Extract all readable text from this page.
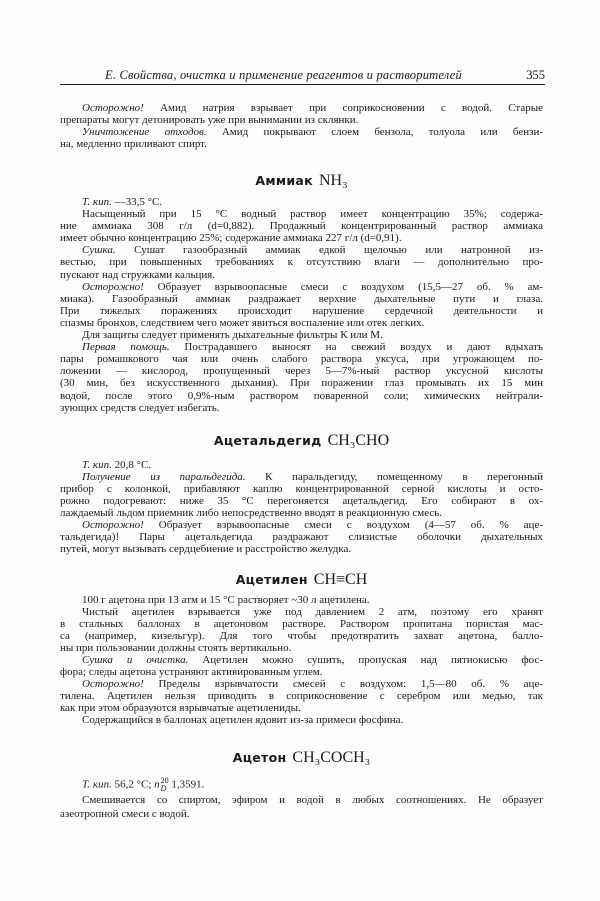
Е. Свойства, очистка и применение реагентов и растворителей	355
Осторожно! Амид натрия взрывает при соприкосновении с водой. Старые
препараты могут детонировать уже при вынимании из склянки.
Уничтожение отходов. Амид покрывают слоем бензола, толуола или бензи-
на, медленно приливают спирт.
Аммиак NH₃
Т. кип. —33,5 °C.
Насыщенный при 15 °C водный раствор имеет концентрацию 35%; содержа-
ние аммиака 308 г/л (d=0,882). Продажный концентрированный раствор аммиака
имеет обычно концентрацию 25%; содержание аммиака 227 г/л (d=0,91).
Сушка. Сушат газообразный аммиак едкой щелочью или натронной из-
вестью, при повышенных требованиях к отсутствию влаги — дополнительно про-
пускают над стружками кальция.
Осторожно! Образует взрывоопасные смеси с воздухом (15,5—27 об. % ам-
миака). Газообразный аммиак раздражает верхние дыхательные пути и глаза.
При тяжелых поражениях происходит нарушение сердечной деятельности и
спазмы бронхов, следствием чего может явиться воспаление или отек легких.
Для защиты следует применять дыхательные фильтры К или М.
Первая помощь. Пострадавшего выносят на свежий воздух и дают вдыхать
пары ромашкового чая или очень слабого раствора уксуса, при угрожающем по-
ложении — кислород, пропущенный через 5—7%-ный раствор уксусной кислоты
(30 мин, без искусственного дыхания). При поражении глаз промывать их 15 мин
водой, после этого 0,9%-ным раствором поваренной соли; химических нейтрали-
зующих средств следует избегать.
Ацетальдегид CH₃CHO
Т. кип. 20,8 °C.
Получение из паральдегида. К паральдегиду, помещенному в перегонный
прибор с колонкой, прибавляют каплю концентрированной серной кислоты и осто-
рожно подогревают: ниже 35 °C перегоняется ацетальдегид. Его собирают в ох-
лаждаемый льдом приемник либо непосредственно вводят в реакционную смесь.
Осторожно! Образует взрывоопасные смеси с воздухом (4—57 об. % аце-
тальдегида)! Пары ацетальдегида раздражают слизистые оболочки дыхательных
путей, могут вызывать сердцебиение и расстройство желудка.
Ацетилен CH≡CH
100 г ацетона при 13 атм и 15 °C растворяет ~30 л ацетилена.
Чистый ацетилен взрывается уже под давлением 2 атм, поэтому его хранят
в стальных баллонах в ацетоновом растворе. Раствором пропитана пористая мас-
са (например, кизельгур). Для того чтобы предотвратить захват ацетона, балло-
ны при пользовании должны стоять вертикально.
Сушка и очистка. Ацетилен можно сушить, пропуская над пятиокисью фос-
фора; следы ацетона устраняют активированным углем.
Осторожно! Пределы взрывчатости смесей с воздухом: 1,5—80 об. % аце-
тилена. Ацетилен нельзя приводить в соприкосновение с серебром или медью, так
как при этом образуются взрывчатые ацетилениды.
Содержащийся в баллонах ацетилен ядовит из-за примеси фосфина.
Ацетон CH₃COCH₃
Т. кип. 56,2 °C; n 20
D 1,3591.
Смешивается со спиртом, эфиром и водой в любых соотношениях. Не образует
азеотропной смеси с водой.
